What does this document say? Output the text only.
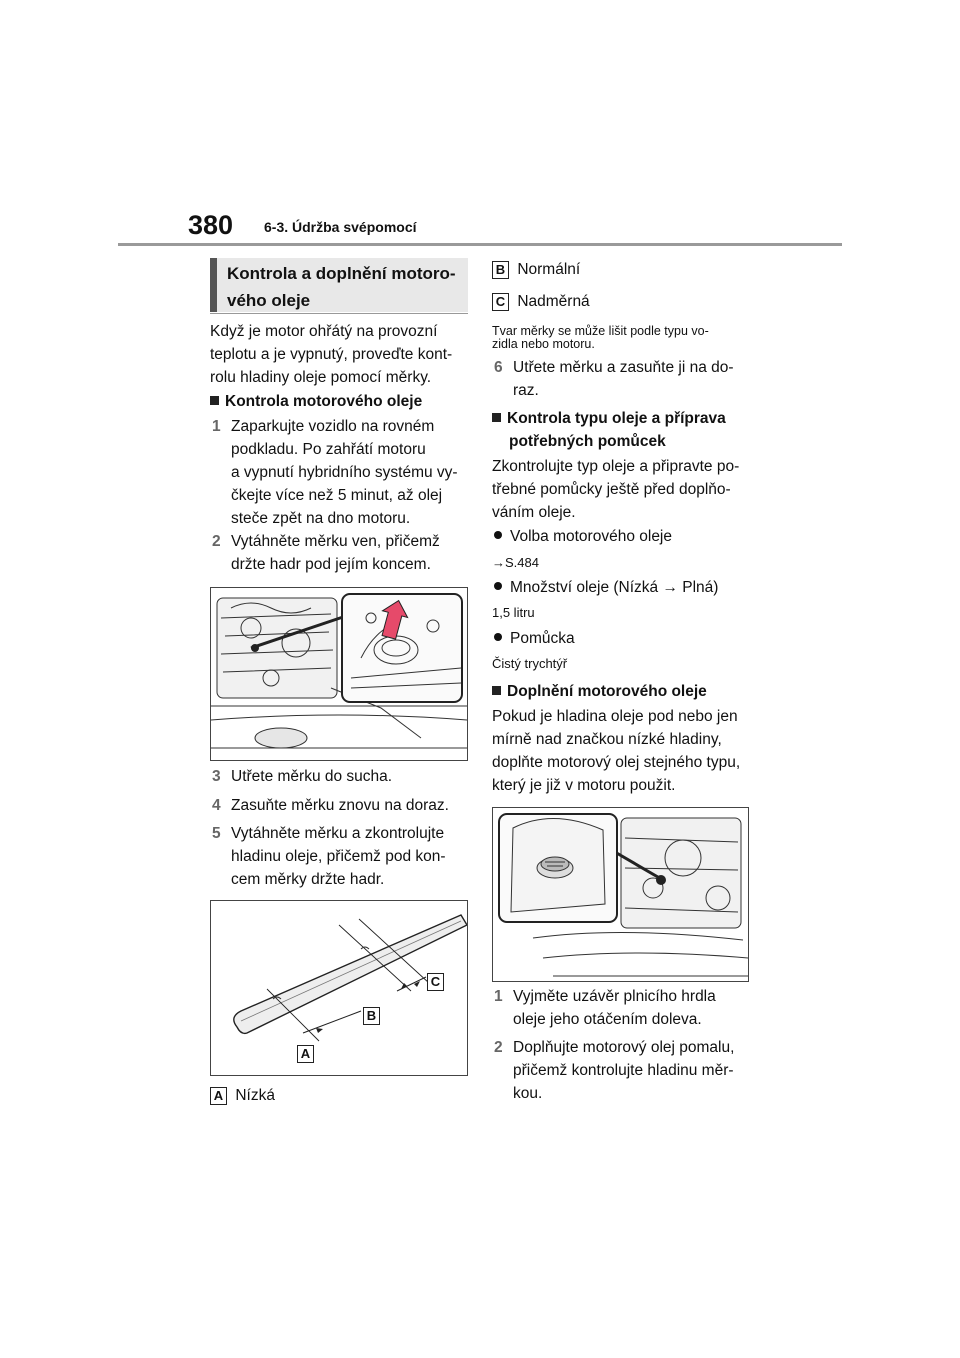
380 6-3. Údržba svépomocí
Kontrola a doplnění motoro-
vého oleje
Když je motor ohřátý na provozní
teplotu a je vypnutý, proveďte kont-
rolu hladiny oleje pomocí měrky.
Kontrola motorového oleje
1 Zaparkujte vozidlo na rovném
podkladu. Po zahřátí motoru
a vypnutí hybridního systému vy-
čkejte více než 5 minut, až olej
steče zpět na dno motoru.
2 Vytáhněte měrku ven, přičemž
držte hadr pod jejím koncem.
3 Utřete měrku do sucha.
4 Zasuňte měrku znovu na doraz.
5 Vytáhněte měrku a zkontrolujte
hladinu oleje, přičemž pod kon-
cem měrky držte hadr.
C
B
A
A Nízká
B Normální
C Nadměrná
Tvar měrky se může lišit podle typu vo-
zidla nebo motoru.
6 Utřete měrku a zasuňte ji na do-
raz.
Kontrola typu oleje a příprava
potřebných pomůcek
Zkontrolujte typ oleje a připravte po-
třebné pomůcky ještě před doplňo-
váním oleje.
Volba motorového oleje
→S.484
Množství oleje (Nízká → Plná)
1,5 litru
Pomůcka
Čistý trychtýř
Doplnění motorového oleje
Pokud je hladina oleje pod nebo jen
mírně nad značkou nízké hladiny,
doplňte motorový olej stejného typu,
který je již v motoru použit.
1 Vyjměte uzávěr plnicího hrdla
oleje jeho otáčením doleva.
2 Doplňujte motorový olej pomalu,
přičemž kontrolujte hladinu měr-
kou.
